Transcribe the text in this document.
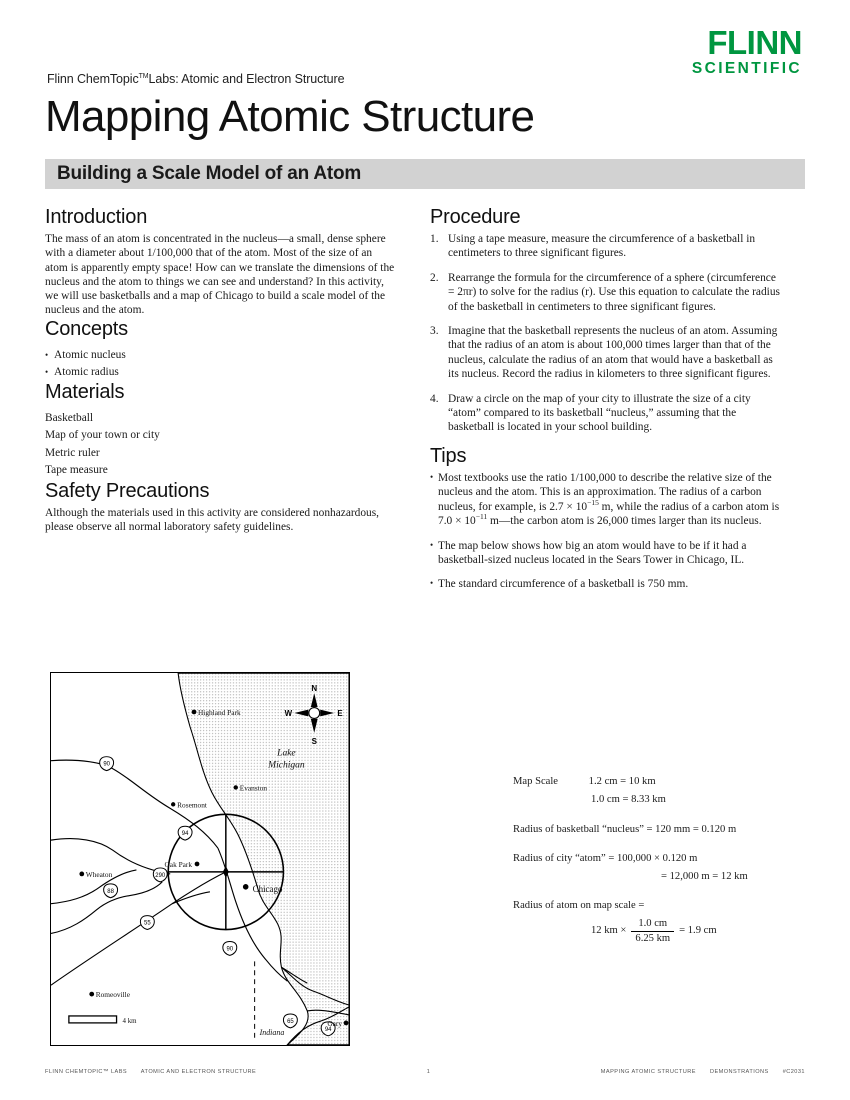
FLINN
SCIENTIFIC
Flinn ChemTopic™Labs: Atomic and Electron Structure
Mapping Atomic Structure
Building a Scale Model of an Atom
Introduction

The mass of an atom is concentrated in the nucleus—a small, dense sphere with a diameter about 1/100,000 that of the atom. Most of the size of an atom is apparently empty space! How can we translate the dimensions of the nucleus and the atom to things we can see and understand? In this activity, we will use basketballs and a map of Chicago to build a scale model of the nucleus and the atom.

Concepts
• Atomic nucleus
• Atomic radius
Materials
Basketball
Map of your town or city
Metric ruler
Tape measure
Safety Precautions

Although the materials used in this activity are considered nonhazardous, please observe all normal laboratory safety guidelines.

Procedure
Using a tape measure, measure the circumference of a basketball in centimeters to three significant figures.
Rearrange the formula for the circumference of a sphere (circumference = 2πr) to solve for the radius (r). Use this equation to calculate the radius of the basketball in centimeters to three significant figures.
Imagine that the basketball represents the nucleus of an atom. Assuming that the radius of an atom is about 100,000 times larger than that of the nucleus, calculate the radius of an atom that would have a basketball as its nucleus. Record the radius in kilometers to three significant figures.
Draw a circle on the map of your city to illustrate the size of a city “atom” compared to its basketball “nucleus,” assuming that the basketball is located in your school building.
Tips
• Most textbooks use the ratio 1/100,000 to describe the relative size of the nucleus and the atom. This is an approximation. The radius of a carbon nucleus, for example, is $2.7 \times 10^{-15}$ m, while the radius of a carbon atom is $7.0 \times 10^{-11}$ m—the carbon atom is 26,000 times larger than its nucleus.
• The map below shows how big an atom would have to be if it had a basketball-sized nucleus located in the Sears Tower in Chicago, IL.
• The standard circumference of a basketball is 750 mm.
90
94
290
88
55
90
65
94
Highland Park
Evanston
Rosemont
Oak Park
Wheaton
Chicago
Romeoville
Gary
Lake
Michigan
Indiana
N
S
E
W
4 km
Map Scale	1.2 cm = 10 km
1.0 cm = 8.33 km
Radius of basketball “nucleus” = 120 mm = 0.120 m
Radius of city “atom” = 100,000 × 0.120 m
= 12,000 m = 12 km
Radius of atom on map scale =
12 km × $\frac{1.0 cm}{6.25 km} = 1.9$ cm
FLINN CHEMTOPIC™ LABS ATOMIC AND ELECTRON STRUCTURE	1	MAPPING ATOMIC STRUCTURE	DEMONSTRATIONS	#C2031
